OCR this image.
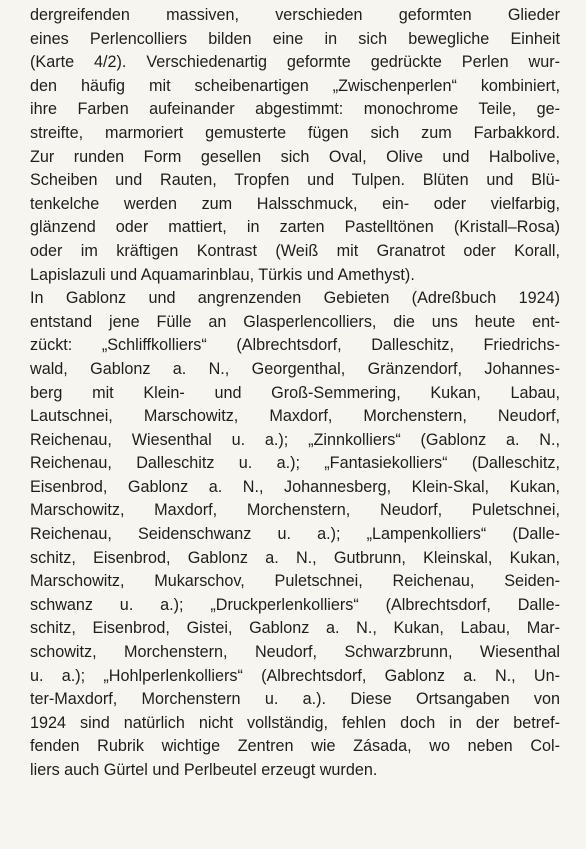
dergreifenden massiven, verschieden geformten Glieder
eines Perlencolliers bilden eine in sich bewegliche Einheit
(Karte 4/2). Verschiedenartig geformte gedrückte Perlen wur-
den häufig mit scheibenartigen „Zwischenperlen“ kombiniert,
ihre Farben aufeinander abgestimmt: monochrome Teile, ge-
streifte, marmoriert gemusterte fügen sich zum Farbakkord.
Zur runden Form gesellen sich Oval, Olive und Halbolive,
Scheiben und Rauten, Tropfen und Tulpen. Blüten und Blü-
tenkelche werden zum Halsschmuck, ein- oder vielfarbig,
glänzend oder mattiert, in zarten Pastelltönen (Kristall–Rosa)
oder im kräftigen Kontrast (Weiß mit Granatrot oder Korall,
Lapislazuli und Aquamarinblau, Türkis und Amethyst).
In Gablonz und angrenzenden Gebieten (Adreßbuch 1924)
entstand jene Fülle an Glasperlencolliers, die uns heute ent-
zückt: „Schliffkolliers“ (Albrechtsdorf, Dalleschitz, Friedrichs-
wald, Gablonz a. N., Georgenthal, Gränzendorf, Johannes-
berg mit Klein- und Groß-Semmering, Kukan, Labau,
Lautschnei, Marschowitz, Maxdorf, Morchenstern, Neudorf,
Reichenau, Wiesenthal u. a.); „Zinnkolliers“ (Gablonz a. N.,
Reichenau, Dalleschitz u. a.); „Fantasiekolliers“ (Dalleschitz,
Eisenbrod, Gablonz a. N., Johannesberg, Klein-Skal, Kukan,
Marschowitz, Maxdorf, Morchenstern, Neudorf, Puletschnei,
Reichenau, Seidenschwanz u. a.); „Lampenkolliers“ (Dalle-
schitz, Eisenbrod, Gablonz a. N., Gutbrunn, Kleinskal, Kukan,
Marschowitz, Mukarschov, Puletschnei, Reichenau, Seiden-
schwanz u. a.); „Druckperlenkolliers“ (Albrechtsdorf, Dalle-
schitz, Eisenbrod, Gistei, Gablonz a. N., Kukan, Labau, Mar-
schowitz, Morchenstern, Neudorf, Schwarzbrunn, Wiesenthal
u. a.); „Hohlperlenkolliers“ (Albrechtsdorf, Gablonz a. N., Un-
ter-Maxdorf, Morchenstern u. a.). Diese Ortsangaben von
1924 sind natürlich nicht vollständig, fehlen doch in der betref-
fenden Rubrik wichtige Zentren wie Zásada, wo neben Col-
liers auch Gürtel und Perlbeutel erzeugt wurden.
